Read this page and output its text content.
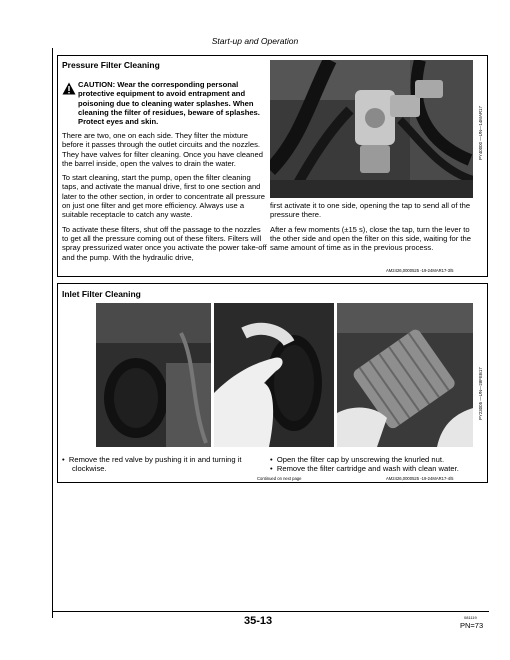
Start-up and Operation
Pressure Filter Cleaning
CAUTION: Wear the corresponding personal protective equipment to avoid entrapment and poisoning due to cleaning water splashes. When cleaning the filter of residues, beware of splashes. Protect eyes and skin.

There are two, one on each side. They filter the mixture before it passes through the outlet circuits and the nozzles. They have valves for filter cleaning. Once you have cleaned the barrel inside, open the valves to drain the water.

To start cleaning, start the pump, open the filter cleaning taps, and activate the manual drive, first to one section and later to the other section, in order to concentrate all pressure on just one filter and get more efficiency. Always use a suitable receptacle to catch any waste.

To activate these filters, shut off the passage to the nozzles to get all the pressure coming out of these filters. Filters will spray pressurized water once you activate the power take-off and the pump. With the hydraulic drive,

PY40000 —UN—14MAR17

first activate it to one side, opening the tap to send all of the pressure there.

After a few moments (±15 s), close the tap, turn the lever to the other side and open the filter on this side, waiting for the same amount of time as in the previous process.

AM2426,0000525 -19-24MAR17-3/5
Inlet Filter Cleaning
PY23005 —UN—28FEB17
•  Remove the red valve by pushing it in and turning it clockwise.
•  Open the filter cap by unscrewing the knurled nut.
•  Remove the filter cartridge and wash with clean water.
Continued on next page	AM2426,0000525 -19-24MAR17-4/5
35-13	081119
PN=73
